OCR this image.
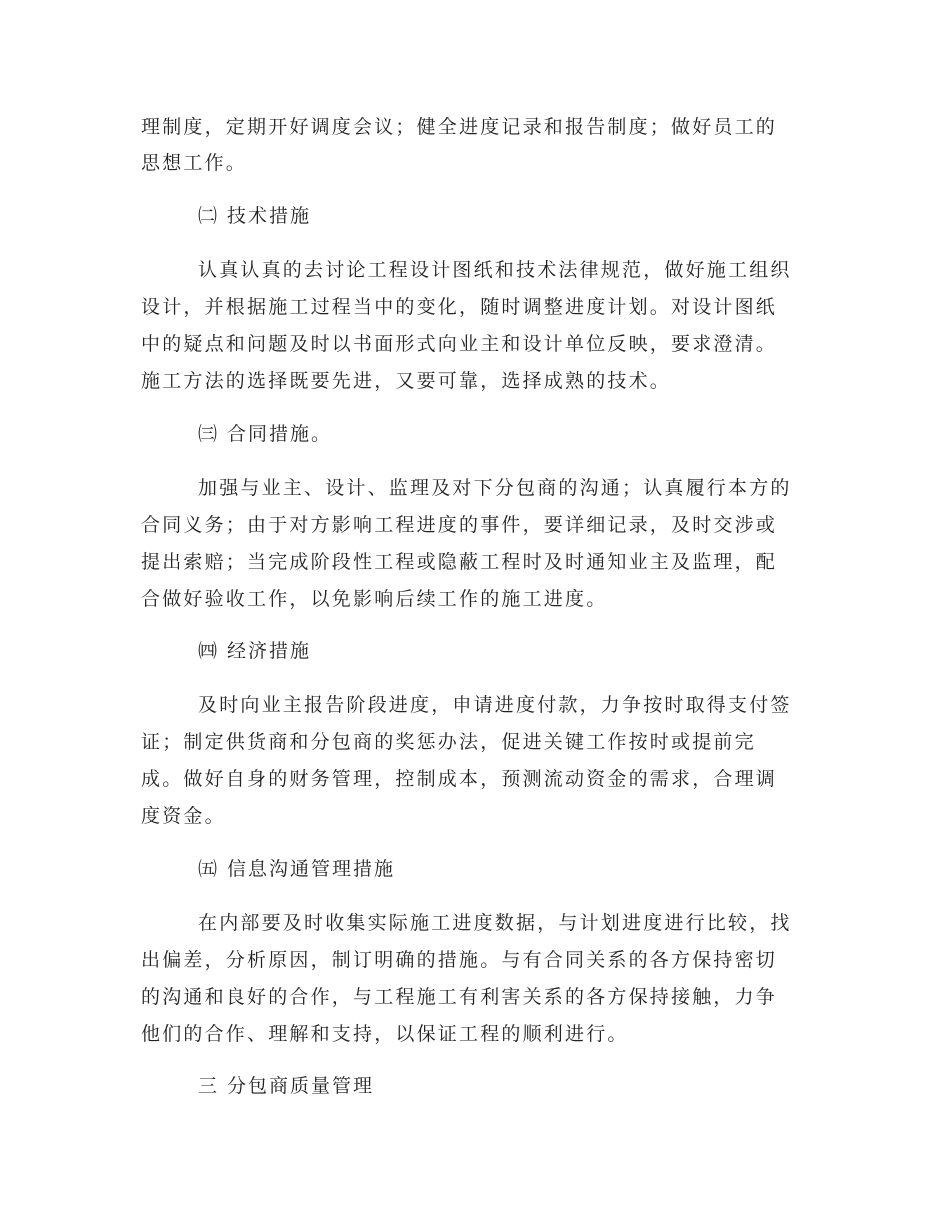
理制度，定期开好调度会议；健全进度记录和报告制度；做好员工的
思想工作。
㈡ 技术措施
认真认真的去讨论工程设计图纸和技术法律规范，做好施工组织
设计，并根据施工过程当中的变化，随时调整进度计划。对设计图纸
中的疑点和问题及时以书面形式向业主和设计单位反映，要求澄清。
施工方法的选择既要先进，又要可靠，选择成熟的技术。
㈢ 合同措施。
加强与业主、设计、监理及对下分包商的沟通；认真履行本方的
合同义务；由于对方影响工程进度的事件，要详细记录，及时交涉或
提出索赔；当完成阶段性工程或隐蔽工程时及时通知业主及监理，配
合做好验收工作，以免影响后续工作的施工进度。
㈣ 经济措施
及时向业主报告阶段进度，申请进度付款，力争按时取得支付签
证；制定供货商和分包商的奖惩办法，促进关键工作按时或提前完
成。做好自身的财务管理，控制成本，预测流动资金的需求，合理调
度资金。
㈤ 信息沟通管理措施
在内部要及时收集实际施工进度数据，与计划进度进行比较，找
出偏差，分析原因，制订明确的措施。与有合同关系的各方保持密切
的沟通和良好的合作，与工程施工有利害关系的各方保持接触，力争
他们的合作、理解和支持，以保证工程的顺利进行。
三 分包商质量管理
